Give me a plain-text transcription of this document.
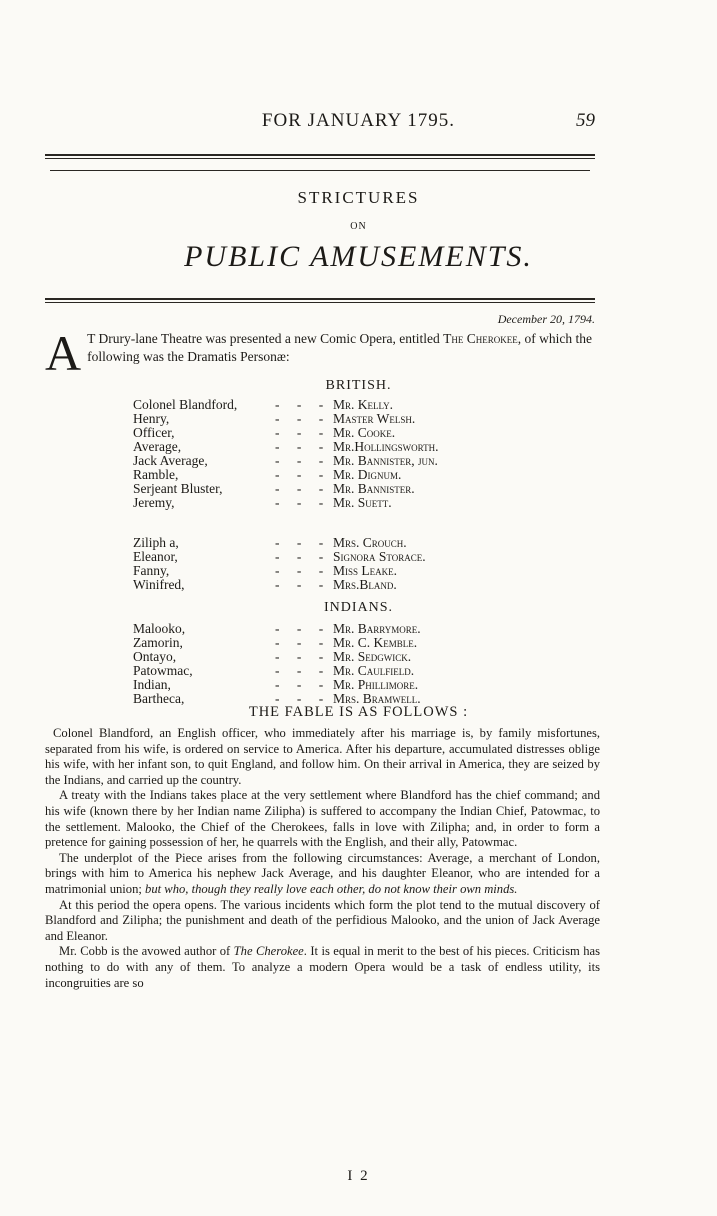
FOR JANUARY 1795.	59
STRICTURES
ON
PUBLIC AMUSEMENTS.
December 20, 1794.
A T Drury-lane Theatre was presented a new Comic Opera, entitled The Cherokee, of which the following was the Dramatis Personæ:
BRITISH.
Colonel Blandford,	- - - Mr. Kelly.
Henry,	- - - Master Welsh.
Officer,	- - - Mr. Cooke.
Average,	- - - Mr.Hollingsworth.
Jack Average,	- - - Mr. Bannister, jun.
Ramble,	- - - Mr. Dignum.
Serjeant Bluster,	- - - Mr. Bannister.
Jeremy,	- - - Mr. Suett.
Ziliph a,	- - - Mrs. Crouch.
Eleanor,	- - - Signora Storace.
Fanny,	- - - Miss Leake.
Winifred,	- - - Mrs.Bland.
INDIANS.
Malooko,	- - - Mr. Barrymore.
Zamorin,	- - - Mr. C. Kemble.
Ontayo,	- - - Mr. Sedgwick.
Patowmac,	- - - Mr. Caulfield.
Indian,	- - - Mr. Phillimore.
Bartheca,	- - - Mrs. Bramwell.
THE FABLE IS AS FOLLOWS :

Colonel Blandford, an English officer, who immediately after his marriage is, by family misfortunes, separated from his wife, is ordered on service to America. After his departure, accumulated distresses oblige his wife, with her infant son, to quit England, and follow him. On their arrival in America, they are seized by the Indians, and carried up the country.

A treaty with the Indians takes place at the very settlement where Blandford has the chief command; and his wife (known there by her Indian name Zilipha) is suffered to accompany the Indian Chief, Patowmac, to the settlement. Malooko, the Chief of the Cherokees, falls in love with Zilipha; and, in order to form a pretence for gaining possession of her, he quarrels with the English, and their ally, Patowmac.

The underplot of the Piece arises from the following circumstances: Average, a merchant of London, brings with him to America his nephew Jack Average, and his daughter Eleanor, who are intended for a matrimonial union; but who, though they really love each other, do not know their own minds.

At this period the opera opens. The various incidents which form the plot tend to the mutual discovery of Blandford and Zilipha; the punishment and death of the perfidious Malooko, and the union of Jack Average and Eleanor.

Mr. Cobb is the avowed author of The Cherokee. It is equal in merit to the best of his pieces. Criticism has nothing to do with any of them. To analyze a modern Opera would be a task of endless utility, its incongruities are so

I 2
